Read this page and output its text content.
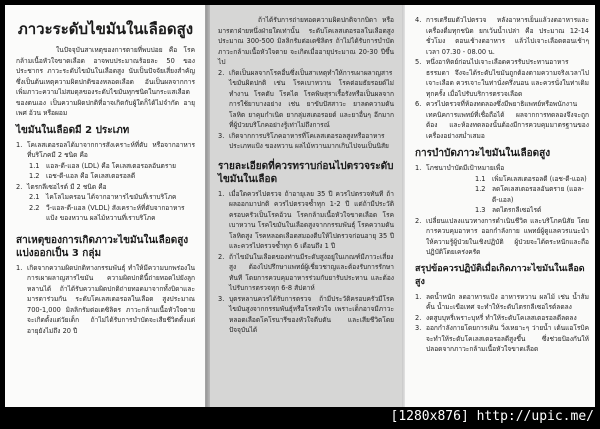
[1280x876] http://upic.me/
ภาวะระดับไขมันในเลือดสูง

ในปัจจุบันสาเหตุของการตายที่พบบ่อย คือ โรคกล้ามเนื้อหัวใจขาดเลือด อาจพบประมาณร้อยละ 50 ของประชากร ภาวะระดับไขมันในเลือดสูง นับเป็นปัจจัยเสี่ยงสำคัญ ซึ่งเป็นต้นเหตุความผิดปกติของหลอดเลือด อันเป็นผลจากการเพิ่มภาวะความไม่สมดุลของระดับไขมันทุกชนิดในกระแสเลือดของตนเอง เป็นความผิดปกติที่อาจเกิดกับผู้ใดก็ได้ไม่จำกัด อายุ เพศ อ้วน หรือผอม

ไขมันในเลือดมี 2 ประเภท
1. โคเลสเตอรอลได้มาจากการสังเคราะห์ที่ตับ หรือจากอาหารที่บริโภคมี 2 ชนิด คือ
1.1 แอล-ดี-แอล (LDL) คือ โคเลสเตอรอลอันตราย
1.2 เอช-ดี-แอล คือ โคเลสเตอรอลดี
2. ไตรกลีเซอไรด์ มี 2 ชนิด คือ
2.1 ไคโลไมครอน ได้จากอาหารไขมันที่เราบริโภค
2.2 วี-แอล-ดี-แอล (VLDL) สังเคราะห์ที่ตับจากอาหารแป้ง ของหวาน ผลไม้หวานที่เราบริโภค
สาเหตุของการเกิดภาวะไขมันในเลือดสูง แบ่งออกเป็น 3 กลุ่ม
1. เกิดจากความผิดปกติทางกรรมพันธุ์ ทำให้มีความบกพร่องในการเผาผลาญสารไขมัน ความผิดปกตินี้ถ่ายทอดไปยังลูกหลานได้ ถ้าได้รับความผิดปกติถ่ายทอดมาจากทั้งบิดาและมารดาร่วมกัน ระดับโคเลสเตอรอลในเลือด สูงประมาณ 700-1,000 มิลลิกรัมต่อเดซิลิตร ภาวะกล้ามเนื้อหัวใจตาย จะเกิดตั้งแต่วัยเด็ก ถ้าไม่ได้รับการบำบัดจะเสียชีวิตตั้งแต่อายุยังไม่ถึง 20 ปี

ถ้าได้รับการถ่ายทอดความผิดปกติจากบิดา หรือมารดาฝ่ายหนึ่งฝ่ายใดเท่านั้น ระดับโคเลสเตอรอลในเลือดสูงประมาณ 300-500 มิลลิกรัมต่อเดซิลิตร ถ้าไม่ได้รับการบำบัด ภาวะกล้ามเนื้อหัวใจตาย จะเกิดเมื่ออายุประมาณ 20-30 ปีขึ้นไป

2. เกิดเป็นผลจากโรคอื่นซึ่งเป็นสาเหตุทำให้การเผาผลาญสารไขมันผิดปกติ เช่น โรคเบาหวาน โรคต่อมธัยรอยด์ไม่ทำงาน โรคตับ โรคไต โรคพิษสุราเรื้อรังหรือเป็นผลจากการใช้ยาบางอย่าง เช่น ยาขับปัสสาวะ ยาลดความดันโลหิต ยาคุมกำเนิด ยากลุ่มสเตอรอยด์ และยาอื่นๆ อีกมาก ที่ผู้ป่วยบริโภคอย่างรู้เท่าไม่ถึงการณ์
3. เกิดจากการบริโภคอาหารที่โคเลสเตอรอลสูงหรืออาหารประเภทแป้ง ของหวาน ผลไม้หวานมากเกินไปจนเป็นนิสัย
รายละเอียดที่ควรทราบก่อนไปตรวจระดับไขมันในเลือด
1. เมื่อใดควรไปตรวจ ถ้าอายุเลย 35 ปี ควรไปตรวจทันที ถ้าผลออกมาปกติ ควรไปตรวจซ้ำทุก 1-2 ปี แต่ถ้ามีประวัติครอบครัวเป็นโรคอ้วน โรคกล้ามเนื้อหัวใจขาดเลือด โรคเบาหวาน โรคไขมันในเลือดสูงจากกรรมพันธุ์ โรคความดันโลหิตสูง โรคหลอดเลือดสมองตีบให้ไปตรวจก่อนอายุ 35 ปีและควรไปตรวจซ้ำทุก 6 เดือนถึง 1 ปี
2. ถ้าไขมันในเลือดของท่านมีระดับสูงอยู่ในเกณฑ์มีภาวะเสี่ยงสูง ต้องไปปรึกษาแพทย์ผู้เชี่ยวชาญและต้องรับการรักษาทันที โดยการควบคุมอาหารร่วมกับยารับประทาน และต้องไปรับการตรวจทุก 6-8 สัปดาห์
3. บุตรหลานควรได้รับการตรวจ ถ้ามีประวัติครอบครัวมีโรคไขมันสูงจากกรรมพันธุ์หรือโรคหัวใจ เพราะเด็กอาจมีภาวะหลอดเลือดโคโรนารีของหัวใจตีบตัน และเสียชีวิตโดยปัจจุบันได้
4. การเตรียมตัวไปตรวจ หลังอาหารเย็นแล้วงดอาหารและเครื่องดื่มทุกชนิด ยกเว้นน้ำเปล่า คือ ประมาณ 12-14 ชั่วโมง ตอนเช้างดอาหาร แล้วไปเจาะเลือดตอนเช้าๆ เวลา 07.30 - 08.00 น.
5. หนึ่งอาทิตย์ก่อนไปเจาะเลือดควรรับประทานอาหารธรรมดา จึงจะได้ระดับไขมันถูกต้องตามความจริงเวลาไปเจาะเลือด ควรเจาะในท่านั่งครึ่งนอน และควรนั่งในท่าเดิมทุกครั้ง เมื่อไปรับบริการตรวจเลือด
6. ควรไปตรวจที่ห้องทดลองซึ่งมีพยาธิแพทย์หรือพนักงานเทคนิคการแพทย์ที่เชื่อถือได้ ผลจากการทดลองจึงจะถูกต้อง และห้องทดลองนั้นต้องมีการควบคุมมาตรฐานของเครื่องอย่างสม่ำเสมอ
การบำบัดภาวะไขมันในเลือดสูง
1. โภชนาบำบัดมีเป้าหมายเพื่อ
1.1 เพิ่มโคเลสเตอรอลดี (เอช-ดี-แอล)
1.2 ลดโคเลสเตอรอลอันตราย (แอล-ดี-แอล)
1.3 ลดไตรกลีเซอไรด์
2. เปลี่ยนแปลงแนวทางการดำเนินชีวิต และบริโภคนิสัย โดยการควบคุมอาหาร ออกกำลังกาย แพทย์ผู้ดูแลควรแนะนำให้ความรู้ผู้ป่วยในเชิงปฏิบัติ ผู้ป่วยจะได้ตระหนักและถือปฏิบัติโดยเคร่งครัด
สรุปข้อควรปฏิบัติเมื่อเกิดภาวะไขมันในเลือดสูง
1. ลดน้ำหนัก ลดอาหารแป้ง อาหารหวาน ผลไม้ เช่น น้ำส้มคั้น น้ำมะเขือเทศ จะทำให้ระดับไตรกลีเซอไรด์ลดลง
2. งดสูบบุหรี่เพราะบุหรี่ ทำให้ระดับโคเลสเตอรอลดีลดลง
3. ออกกำลังกายโดยการเดิน วิ่งเหยาะๆ ว่ายน้ำ เต้นแอโรบิค จะทำให้ระดับโคเลสเตอรอลดีสูงขึ้น ซึ่งช่วยป้องกันให้ปลอดจากภาวะกล้ามเนื้อหัวใจขาดเลือด
